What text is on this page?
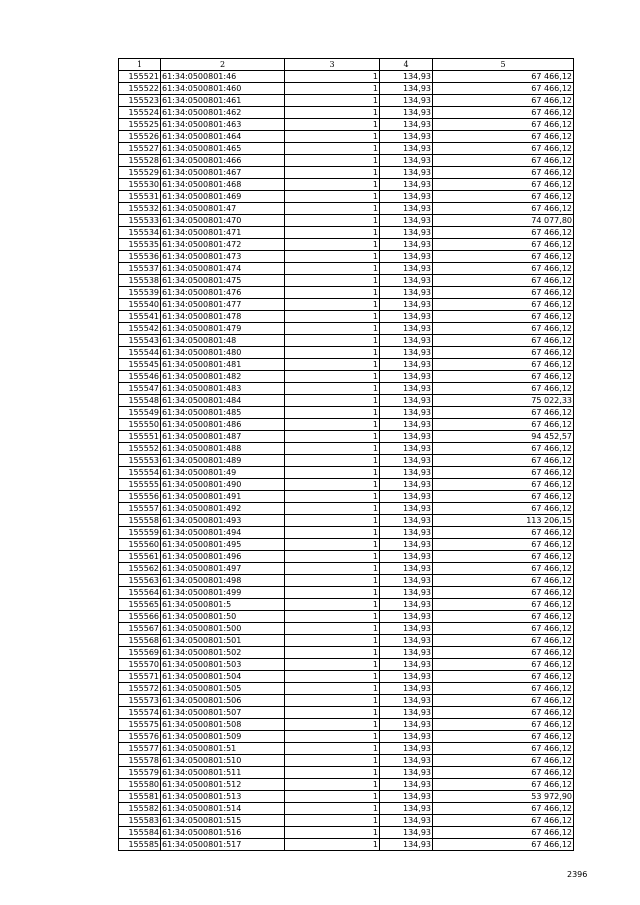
1	2	3	4	5
155521	61:34:0500801:46	1	134,93	67 466,12
155522	61:34:0500801:460	1	134,93	67 466,12
155523	61:34:0500801:461	1	134,93	67 466,12
155524	61:34:0500801:462	1	134,93	67 466,12
155525	61:34:0500801:463	1	134,93	67 466,12
155526	61:34:0500801:464	1	134,93	67 466,12
155527	61:34:0500801:465	1	134,93	67 466,12
155528	61:34:0500801:466	1	134,93	67 466,12
155529	61:34:0500801:467	1	134,93	67 466,12
155530	61:34:0500801:468	1	134,93	67 466,12
155531	61:34:0500801:469	1	134,93	67 466,12
155532	61:34:0500801:47	1	134,93	67 466,12
155533	61:34:0500801:470	1	134,93	74 077,80
155534	61:34:0500801:471	1	134,93	67 466,12
155535	61:34:0500801:472	1	134,93	67 466,12
155536	61:34:0500801:473	1	134,93	67 466,12
155537	61:34:0500801:474	1	134,93	67 466,12
155538	61:34:0500801:475	1	134,93	67 466,12
155539	61:34:0500801:476	1	134,93	67 466,12
155540	61:34:0500801:477	1	134,93	67 466,12
155541	61:34:0500801:478	1	134,93	67 466,12
155542	61:34:0500801:479	1	134,93	67 466,12
155543	61:34:0500801:48	1	134,93	67 466,12
155544	61:34:0500801:480	1	134,93	67 466,12
155545	61:34:0500801:481	1	134,93	67 466,12
155546	61:34:0500801:482	1	134,93	67 466,12
155547	61:34:0500801:483	1	134,93	67 466,12
155548	61:34:0500801:484	1	134,93	75 022,33
155549	61:34:0500801:485	1	134,93	67 466,12
155550	61:34:0500801:486	1	134,93	67 466,12
155551	61:34:0500801:487	1	134,93	94 452,57
155552	61:34:0500801:488	1	134,93	67 466,12
155553	61:34:0500801:489	1	134,93	67 466,12
155554	61:34:0500801:49	1	134,93	67 466,12
155555	61:34:0500801:490	1	134,93	67 466,12
155556	61:34:0500801:491	1	134,93	67 466,12
155557	61:34:0500801:492	1	134,93	67 466,12
155558	61:34:0500801:493	1	134,93	113 206,15
155559	61:34:0500801:494	1	134,93	67 466,12
155560	61:34:0500801:495	1	134,93	67 466,12
155561	61:34:0500801:496	1	134,93	67 466,12
155562	61:34:0500801:497	1	134,93	67 466,12
155563	61:34:0500801:498	1	134,93	67 466,12
155564	61:34:0500801:499	1	134,93	67 466,12
155565	61:34:0500801:5	1	134,93	67 466,12
155566	61:34:0500801:50	1	134,93	67 466,12
155567	61:34:0500801:500	1	134,93	67 466,12
155568	61:34:0500801:501	1	134,93	67 466,12
155569	61:34:0500801:502	1	134,93	67 466,12
155570	61:34:0500801:503	1	134,93	67 466,12
155571	61:34:0500801:504	1	134,93	67 466,12
155572	61:34:0500801:505	1	134,93	67 466,12
155573	61:34:0500801:506	1	134,93	67 466,12
155574	61:34:0500801:507	1	134,93	67 466,12
155575	61:34:0500801:508	1	134,93	67 466,12
155576	61:34:0500801:509	1	134,93	67 466,12
155577	61:34:0500801:51	1	134,93	67 466,12
155578	61:34:0500801:510	1	134,93	67 466,12
155579	61:34:0500801:511	1	134,93	67 466,12
155580	61:34:0500801:512	1	134,93	67 466,12
155581	61:34:0500801:513	1	134,93	53 972,90
155582	61:34:0500801:514	1	134,93	67 466,12
155583	61:34:0500801:515	1	134,93	67 466,12
155584	61:34:0500801:516	1	134,93	67 466,12
155585	61:34:0500801:517	1	134,93	67 466,12
2396
